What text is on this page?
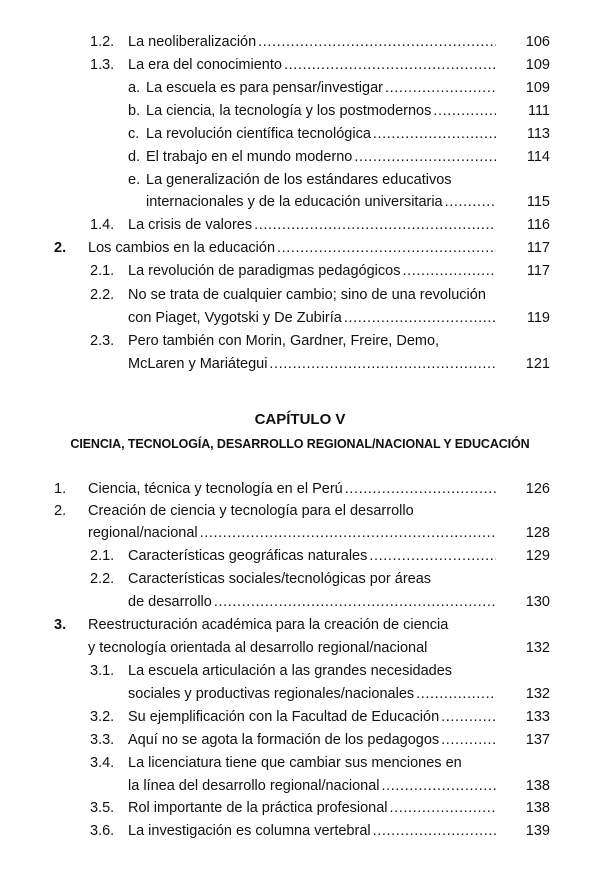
1.2. La neoliberalización .....	106
1.3. La era del conocimiento .....	109
a. La escuela es para pensar/investigar .....	109
b. La ciencia, la tecnología y los postmodernos .....	111
c. La revolución científica tecnológica .....	113
d. El trabajo en el mundo moderno .....	114
e. La generalización de los estándares educativos
internacionales y de la educación universitaria .....	115
1.4. La crisis de valores .....	116
2. Los cambios en la educación .....	117
2.1. La revolución de paradigmas pedagógicos .....	117
2.2. No se trata de cualquier cambio; sino de una revolución
con Piaget, Vygotski y De Zubiría .....	119
2.3. Pero también con Morin, Gardner, Freire, Demo,
McLaren y Mariátegui .....	121
CAPÍTULO V
CIENCIA, TECNOLOGÍA, DESARROLLO REGIONAL/NACIONAL Y EDUCACIÓN
1. Ciencia, técnica y tecnología en el Perú .....	126
2. Creación de ciencia y tecnología para el desarrollo
regional/nacional .....	128
2.1. Características geográficas naturales .....	129
2.2. Características sociales/tecnológicas por áreas
de desarrollo .....	130
3. Reestructuración académica para la creación de ciencia
y tecnología orientada al desarrollo regional/nacional	132
3.1. La escuela articulación a las grandes necesidades
sociales y productivas regionales/nacionales .....	132
3.2. Su ejemplificación con la Facultad de Educación .....	133
3.3. Aquí no se agota la formación de los pedagogos .....	137
3.4. La licenciatura tiene que cambiar sus menciones en
la línea del desarrollo regional/nacional .....	138
3.5. Rol importante de la práctica profesional .....	138
3.6. La investigación es columna vertebral .....	139
